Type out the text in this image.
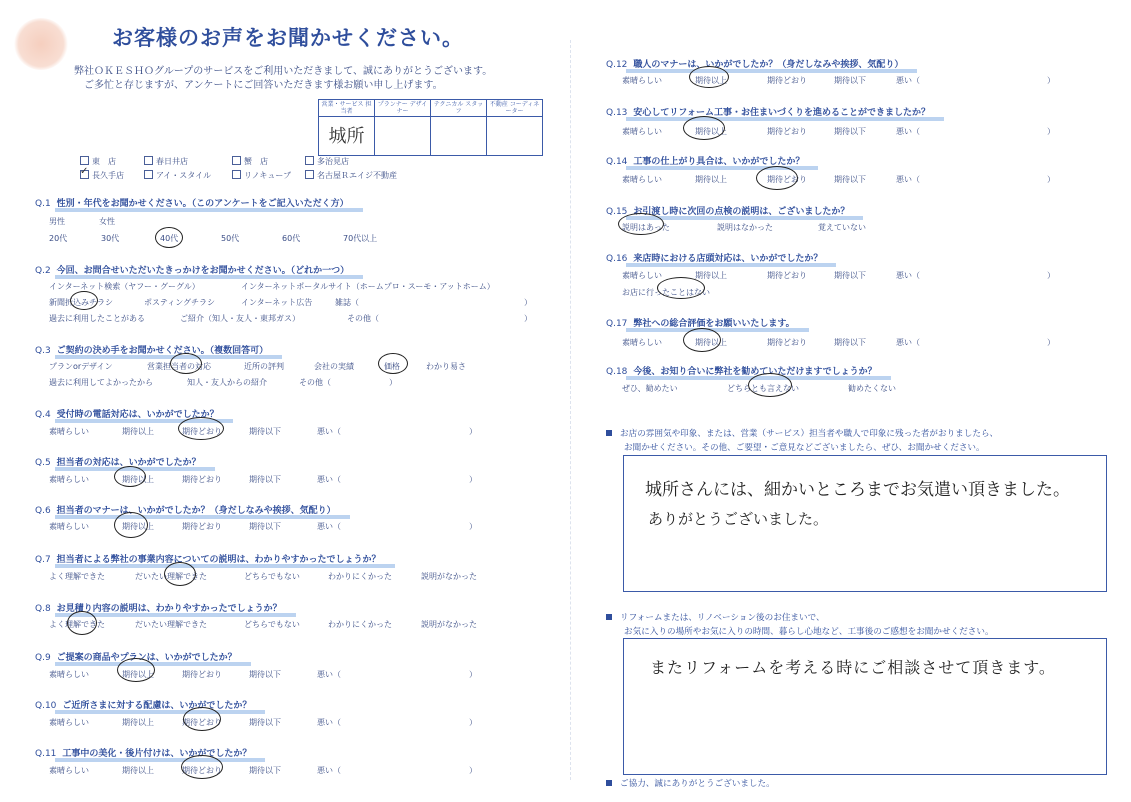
お客様のお声をお聞かせください。
弊社ＯＫＥＳＨＯグループのサービスをご利用いただきまして、誠にありがとうございます。
ご多忙と存じますが、アンケートにご回答いただきます様お願い申し上げます。
営業・サービス 担当者	プランナー デザイナー	テクニカル スタッフ	不動産 コーディネーター
城所			
東　店	春日井店	蟹　店	多治見店
✓長久手店	アイ・スタイル	リノキューブ	名古屋Ｒエイジ不動産
Q.1 性別・年代をお聞かせください。（このアンケートをご記入いただく方）
男性	女性
20代	30代	40代	50代	60代	70代以上
Q.2 今回、お問合せいただいたきっかけをお聞かせください。（どれか一つ）
インターネット検索（ヤフー・グーグル）	インターネットポータルサイト（ホームプロ・スーモ・アットホーム）
新聞折込みチラシ	ポスティングチラシ	インターネット広告	雑誌（	）
過去に利用したことがある	ご紹介（知人・友人・東邦ガス）	その他（	）
Q.3 ご契約の決め手をお聞かせください。（複数回答可）
プランorデザイン	営業担当者の対応	近所の評判	会社の実績	価格	わかり易さ
過去に利用してよかったから	知人・友人からの紹介	その他（	）
Q.4 受付時の電話対応は、いかがでしたか？
素晴らしい	期待以上	期待どおり	期待以下	悪い（	）
Q.5 担当者の対応は、いかがでしたか？
素晴らしい	期待以上	期待どおり	期待以下	悪い（	）
Q.6 担当者のマナーは、いかがでしたか？（身だしなみや挨拶、気配り）
素晴らしい	期待以上	期待どおり	期待以下	悪い（	）
Q.7 担当者による弊社の事業内容についての説明は、わかりやすかったでしょうか？
よく理解できた	だいたい理解できた	どちらでもない	わかりにくかった	説明がなかった
Q.8 お見積り内容の説明は、わかりやすかったでしょうか？
よく理解できた	だいたい理解できた	どちらでもない	わかりにくかった	説明がなかった
Q.9 ご提案の商品やプランは、いかがでしたか？
素晴らしい	期待以上	期待どおり	期待以下	悪い（	）
Q.10 ご近所さまに対する配慮は、いかがでしたか？
素晴らしい	期待以上	期待どおり	期待以下	悪い（	）
Q.11 工事中の美化・後片付けは、いかがでしたか？
素晴らしい	期待以上	期待どおり	期待以下	悪い（	）
Q.12 職人のマナーは、いかがでしたか？（身だしなみや挨拶、気配り）
素晴らしい	期待以上	期待どおり	期待以下	悪い（	）
Q.13 安心してリフォーム工事・お住まいづくりを進めることができましたか？
素晴らしい	期待以上	期待どおり	期待以下	悪い（	）
Q.14 工事の仕上がり具合は、いかがでしたか？
素晴らしい	期待以上	期待どおり	期待以下	悪い（	）
Q.15 お引渡し時に次回の点検の説明は、ございましたか？
説明はあった	説明はなかった	覚えていない
Q.16 来店時における店頭対応は、いかがでしたか？
素晴らしい	期待以上	期待どおり	期待以下	悪い（	）
お店に行ったことはない
Q.17 弊社への総合評価をお願いいたします。
素晴らしい	期待以上	期待どおり	期待以下	悪い（	）
Q.18 今後、お知り合いに弊社を勧めていただけますでしょうか？
ぜひ、勧めたい	どちらとも言えない	勧めたくない
お店の雰囲気や印象、または、営業（サービス）担当者や職人で印象に残った者がおりましたら、
お聞かせください。その他、ご要望・ご意見などございましたら、ぜひ、お聞かせください。
城所さんには、細かいところまでお気遣い頂きました。
ありがとうございました。
リフォームまたは、リノベーション後のお住まいで、
お気に入りの場所やお気に入りの時間、暮らし心地など、工事後のご感想をお聞かせください。
またリフォームを考える時にご相談させて頂きます。
ご協力、誠にありがとうございました。
